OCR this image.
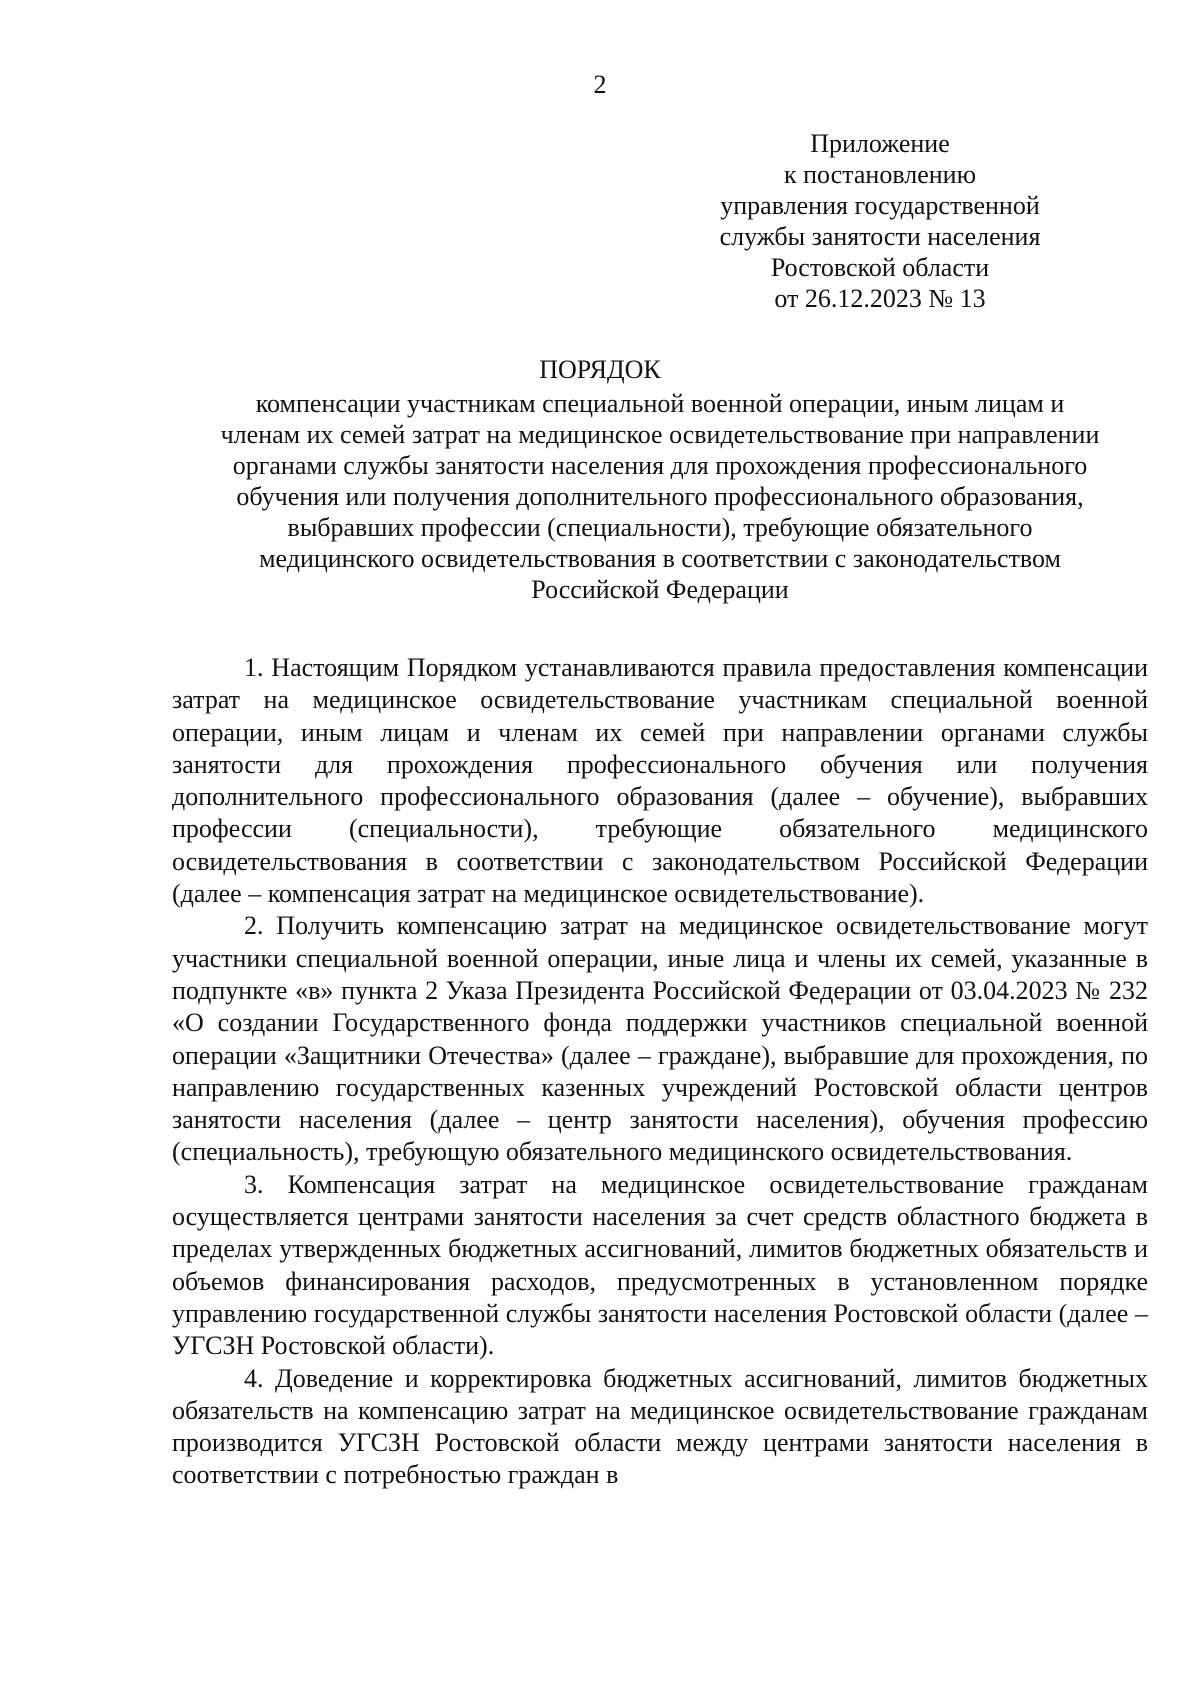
2
Приложение
к постановлению
управления государственной
службы занятости населения
Ростовской области
от 26.12.2023 № 13
ПОРЯДОК
компенсации участникам специальной военной операции, иным лицам и
членам их семей затрат на медицинское освидетельствование при направлении
органами службы занятости населения для прохождения профессионального
обучения или получения дополнительного профессионального образования,
выбравших профессии (специальности), требующие обязательного
медицинского освидетельствования в соответствии с законодательством
Российской Федерации

1. Настоящим Порядком устанавливаются правила предоставления компенсации затрат на медицинское освидетельствование участникам специальной военной операции, иным лицам и членам их семей при направлении органами службы занятости для прохождения профессионального обучения или получения дополнительного профессионального образования (далее – обучение), выбравших профессии (специальности), требующие обязательного медицинского освидетельствования в соответствии с законодательством Российской Федерации (далее – компенсация затрат на медицинское освидетельствование).

2. Получить компенсацию затрат на медицинское освидетельствование могут участники специальной военной операции, иные лица и члены их семей, указанные в подпункте «в» пункта 2 Указа Президента Российской Федерации от 03.04.2023 № 232 «О создании Государственного фонда поддержки участников специальной военной операции «Защитники Отечества» (далее – граждане), выбравшие для прохождения, по направлению государственных казенных учреждений Ростовской области центров занятости населения (далее – центр занятости населения), обучения профессию (специальность), требующую обязательного медицинского освидетельствования.

3. Компенсация затрат на медицинское освидетельствование гражданам осуществляется центрами занятости населения за счет средств областного бюджета в пределах утвержденных бюджетных ассигнований, лимитов бюджетных обязательств и объемов финансирования расходов, предусмотренных в установленном порядке управлению государственной службы занятости населения Ростовской области (далее – УГСЗН Ростовской области).

4. Доведение и корректировка бюджетных ассигнований, лимитов бюджетных обязательств на компенсацию затрат на медицинское освидетельствование гражданам производится УГСЗН Ростовской области между центрами занятости населения в соответствии с потребностью граждан в
